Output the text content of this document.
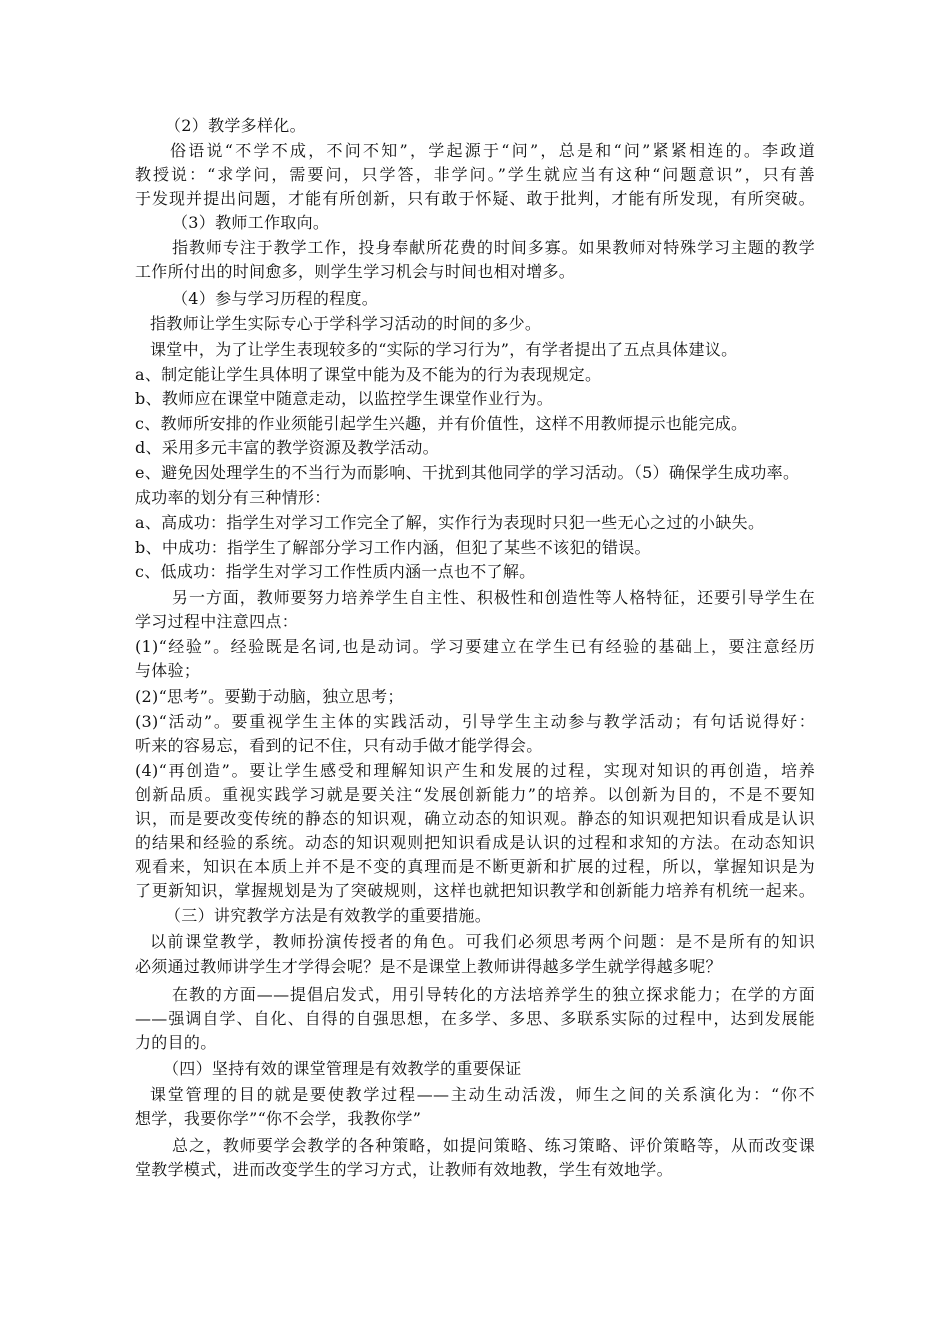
（2）教学多样化。
俗语说“不学不成，不问不知”，学起源于“问”，总是和“问”紧紧相连的。李政道
教授说：“求学问，需要问，只学答，非学问。”学生就应当有这种“问题意识”，只有善
于发现并提出问题，才能有所创新，只有敢于怀疑、敢于批判，才能有所发现，有所突破。
（3）教师工作取向。
指教师专注于教学工作，投身奉献所花费的时间多寡。如果教师对特殊学习主题的教学
工作所付出的时间愈多，则学生学习机会与时间也相对增多。
（4）参与学习历程的程度。
指教师让学生实际专心于学科学习活动的时间的多少。
课堂中，为了让学生表现较多的“实际的学习行为”，有学者提出了五点具体建议。
a、制定能让学生具体明了课堂中能为及不能为的行为表现规定。
b、教师应在课堂中随意走动，以监控学生课堂作业行为。
c、教师所安排的作业须能引起学生兴趣，并有价值性，这样不用教师提示也能完成。
d、采用多元丰富的教学资源及教学活动。
e、避免因处理学生的不当行为而影响、干扰到其他同学的学习活动。（5）确保学生成功率。
成功率的划分有三种情形：
a、高成功：指学生对学习工作完全了解，实作行为表现时只犯一些无心之过的小缺失。
b、中成功：指学生了解部分学习工作内涵，但犯了某些不该犯的错误。
c、低成功：指学生对学习工作性质内涵一点也不了解。
另一方面，教师要努力培养学生自主性、积极性和创造性等人格特征，还要引导学生在
学习过程中注意四点：
(1)“经验”。经验既是名词,也是动词。学习要建立在学生已有经验的基础上，要注意经历
与体验；
(2)“思考”。要勤于动脑，独立思考；
(3)“活动”。要重视学生主体的实践活动，引导学生主动参与教学活动；有句话说得好：
听来的容易忘，看到的记不住，只有动手做才能学得会。
(4)“再创造”。要让学生感受和理解知识产生和发展的过程，实现对知识的再创造，培养
创新品质。重视实践学习就是要关注“发展创新能力”的培养。以创新为目的，不是不要知
识，而是要改变传统的静态的知识观，确立动态的知识观。静态的知识观把知识看成是认识
的结果和经验的系统。动态的知识观则把知识看成是认识的过程和求知的方法。在动态知识
观看来，知识在本质上并不是不变的真理而是不断更新和扩展的过程，所以，掌握知识是为
了更新知识，掌握规划是为了突破规则，这样也就把知识教学和创新能力培养有机统一起来。
（三）讲究教学方法是有效教学的重要措施。
以前课堂教学，教师扮演传授者的角色。可我们必须思考两个问题：是不是所有的知识
必须通过教师讲学生才学得会呢？是不是课堂上教师讲得越多学生就学得越多呢？
在教的方面——提倡启发式，用引导转化的方法培养学生的独立探求能力；在学的方面
——强调自学、自化、自得的自强思想，在多学、多思、多联系实际的过程中，达到发展能
力的目的。
（四）坚持有效的课堂管理是有效教学的重要保证
课堂管理的目的就是要使教学过程——主动生动活泼，师生之间的关系演化为：“你不
想学，我要你学”“你不会学，我教你学”
总之，教师要学会教学的各种策略，如提问策略、练习策略、评价策略等，从而改变课
堂教学模式，进而改变学生的学习方式，让教师有效地教，学生有效地学。
